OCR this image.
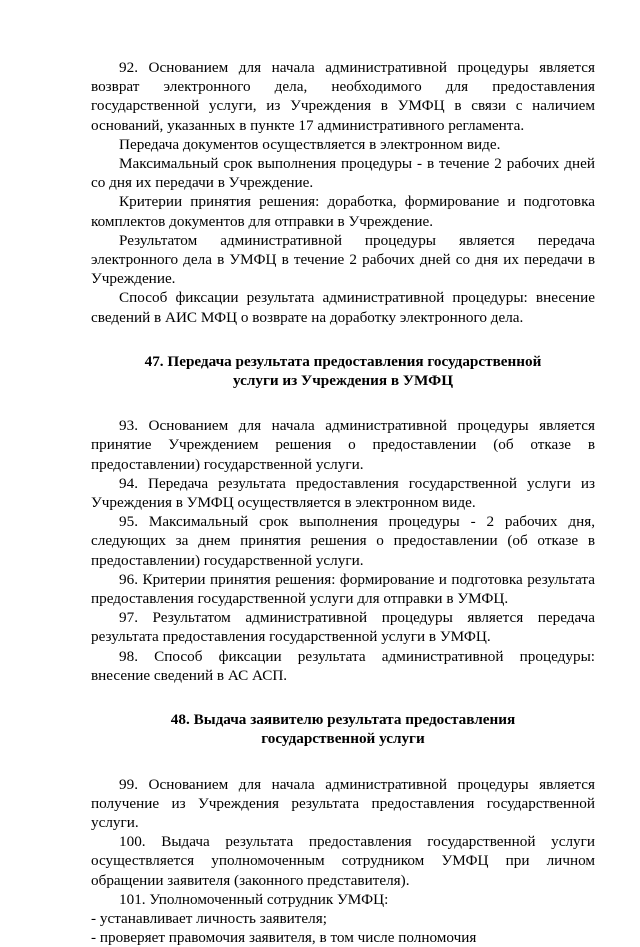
92. Основанием для начала административной процедуры является возврат электронного дела, необходимого для предоставления государственной услуги, из Учреждения в УМФЦ в связи с наличием оснований, указанных в пункте 17 административного регламента.

Передача документов осуществляется в электронном виде.

Максимальный срок выполнения процедуры - в течение 2 рабочих дней со дня их передачи в Учреждение.

Критерии принятия решения: доработка, формирование и подготовка комплектов документов для отправки в Учреждение.

Результатом административной процедуры является передача электронного дела в УМФЦ в течение 2 рабочих дней со дня их передачи в Учреждение.

Способ фиксации результата административной процедуры: внесение сведений в АИС МФЦ о возврате на доработку электронного дела.

47. Передача результата предоставления государственной
услуги из Учреждения в УМФЦ

93. Основанием для начала административной процедуры является принятие Учреждением решения о предоставлении (об отказе в предоставлении) государственной услуги.

94. Передача результата предоставления государственной услуги из Учреждения в УМФЦ осуществляется в электронном виде.

95. Максимальный срок выполнения процедуры - 2 рабочих дня, следующих за днем принятия решения о предоставлении (об отказе в предоставлении) государственной услуги.

96. Критерии принятия решения: формирование и подготовка результата предоставления государственной услуги для отправки в УМФЦ.

97. Результатом административной процедуры является передача результата предоставления государственной услуги в УМФЦ.

98. Способ фиксации результата административной процедуры: внесение сведений в АС АСП.

48. Выдача заявителю результата предоставления
государственной услуги

99. Основанием для начала административной процедуры является получение из Учреждения результата предоставления государственной услуги.

100. Выдача результата предоставления государственной услуги осуществляется уполномоченным сотрудником УМФЦ при личном обращении заявителя (законного представителя).

101. Уполномоченный сотрудник УМФЦ:

- устанавливает личность заявителя;

- проверяет правомочия заявителя, в том числе полномочия
